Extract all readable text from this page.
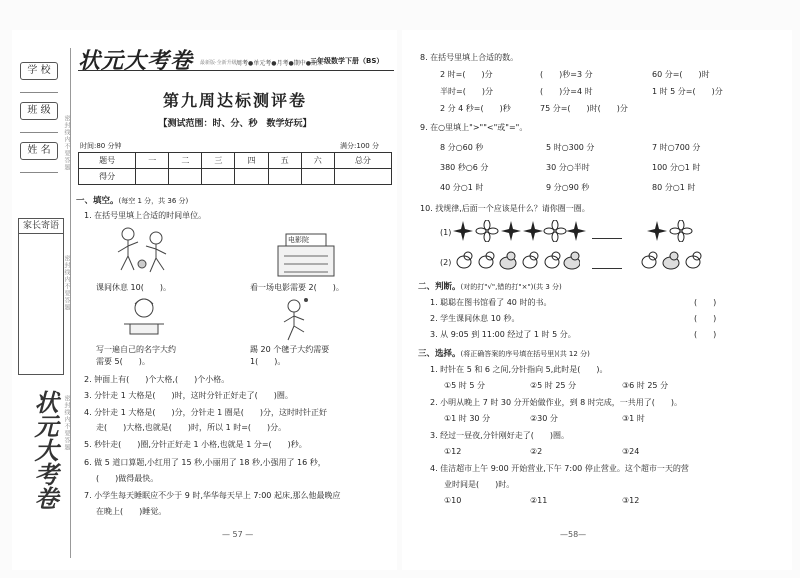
学 校
班 级
姓 名	密封线内不要答题
家长寄语
密封线内不要答题
密封线内不要答题
状元大考卷
状元大考卷 最新版·全新升级 周考●单元考●月考●期中●期末
二年级数学下册（BS）
第九周达标测评卷
【测试范围：时、分、秒　数学好玩】
时间:80 分钟	满分:100 分
题号	一	二	三	四	五	六	总分
得分							
一、填空。(每空 1 分，共 36 分)
1. 在括号里填上合适的时间单位。
电影院
课间休息 10(　　)。	看一场电影需要 2(　　)。
写一遍自己的名字大约
需要 5(　　)。
踢 20 个毽子大约需要
1(　　)。
2. 钟面上有(　　)个大格,(　　)个小格。
3. 分针走 1 大格是(　　)时，这时分针正好走了(　　)圈。
4. 分针走 1 大格是(　　)分，分针走 1 圈是(　　)分，这时时针正好
走(　　)大格,也就是(　　)时，所以 1 时=(　　)分。
5. 秒针走(　　)圈,分针正好走 1 小格,也就是 1 分=(　　)秒。
6. 做 5 道口算题,小红用了 15 秒,小丽用了 18 秒,小强用了 16 秒，
(　　)做得最快。
7. 小学生每天睡眠应不少于 9 时,华华每天早上 7:00 起床,那么他最晚应
在晚上(　　)睡觉。
— 57 —
8. 在括号里填上合适的数。
2 时=(　　)分	(　　)秒=3 分	60 分=(　　)时
半时=(　　)分	(　　)分=4 时	1 时 5 分=(　　)分
2 分 4 秒=(　　)秒	75 分=(　　)时(　　)分
9. 在○里填上">""<"或"="。
8 分○60 秒	5 时○300 分	7 时○700 分
380 秒○6 分	30 分○半时	100 分○1 时
40 分○1 时	9 分○90 秒	80 分○1 时
10. 找规律,后面一个应该是什么？请你圈一圈。
(1)
(2)
二、判断。(对的打"√",错的打"×")(共 3 分)
1. 聪聪在图书馆看了 40 时的书。	(　　)
2. 学生课间休息 10 秒。	(　　)
3. 从 9:05 到 11:00 经过了 1 时 5 分。	(　　)
三、选择。(将正确答案的序号填在括号里)(共 12 分)
1. 时针在 5 和 6 之间,分针指向 5,此时是(　　)。
①5 时 5 分	②5 时 25 分	③6 时 25 分
2. 小明从晚上 7 时 30 分开始做作业，到 8 时完成，一共用了(　　)。
①1 时 30 分	②30 分	③1 时
3. 经过一昼夜,分针刚好走了(　　)圈。
①12	②2	③24
4. 佳洁超市上午 9:00 开始营业,下午 7:00 停止营业。这个超市一天的营
业时间是(　　)时。
①10	②11	③12
—58—
